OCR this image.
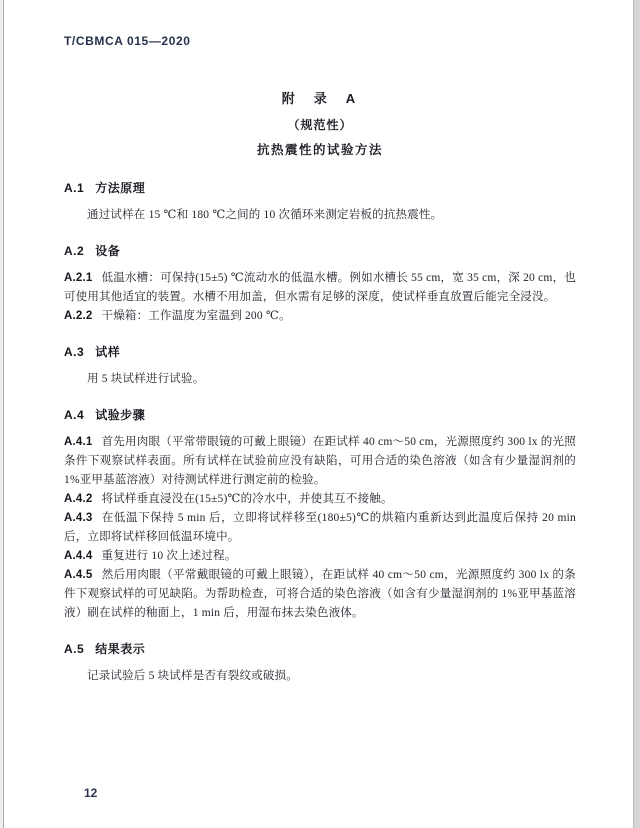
T/CBMCA 015—2020
附　录　A
（规范性）
抗热震性的试验方法
A.1 方法原理

通过试样在 15 ℃和 180 ℃之间的 10 次循环来测定岩板的抗热震性。

A.2 设备

A.2.1 低温水槽：可保持(15±5) ℃流动水的低温水槽。例如水槽长 55 cm，宽 35 cm，深 20 cm，也可使用其他适宜的装置。水槽不用加盖，但水需有足够的深度，使试样垂直放置后能完全浸没。

A.2.2 干燥箱：工作温度为室温到 200 ℃。

A.3 试样

用 5 块试样进行试验。

A.4 试验步骤

A.4.1 首先用肉眼（平常带眼镜的可戴上眼镜）在距试样 40 cm～50 cm，光源照度约 300 lx 的光照条件下观察试样表面。所有试样在试验前应没有缺陷，可用合适的染色溶液（如含有少量湿润剂的 1%亚甲基蓝溶液）对待测试样进行测定前的检验。

A.4.2 将试样垂直浸没在(15±5)℃的冷水中，并使其互不接触。

A.4.3 在低温下保持 5 min 后，立即将试样移至(180±5)℃的烘箱内重新达到此温度后保持 20 min 后，立即将试样移回低温环境中。

A.4.4 重复进行 10 次上述过程。

A.4.5 然后用肉眼（平常戴眼镜的可戴上眼镜），在距试样 40 cm～50 cm，光源照度约 300 lx 的条件下观察试样的可见缺陷。为帮助检查，可将合适的染色溶液（如含有少量湿润剂的 1%亚甲基蓝溶液）刷在试样的釉面上，1 min 后，用湿布抹去染色液体。

A.5 结果表示

记录试验后 5 块试样是否有裂纹或破损。

12
